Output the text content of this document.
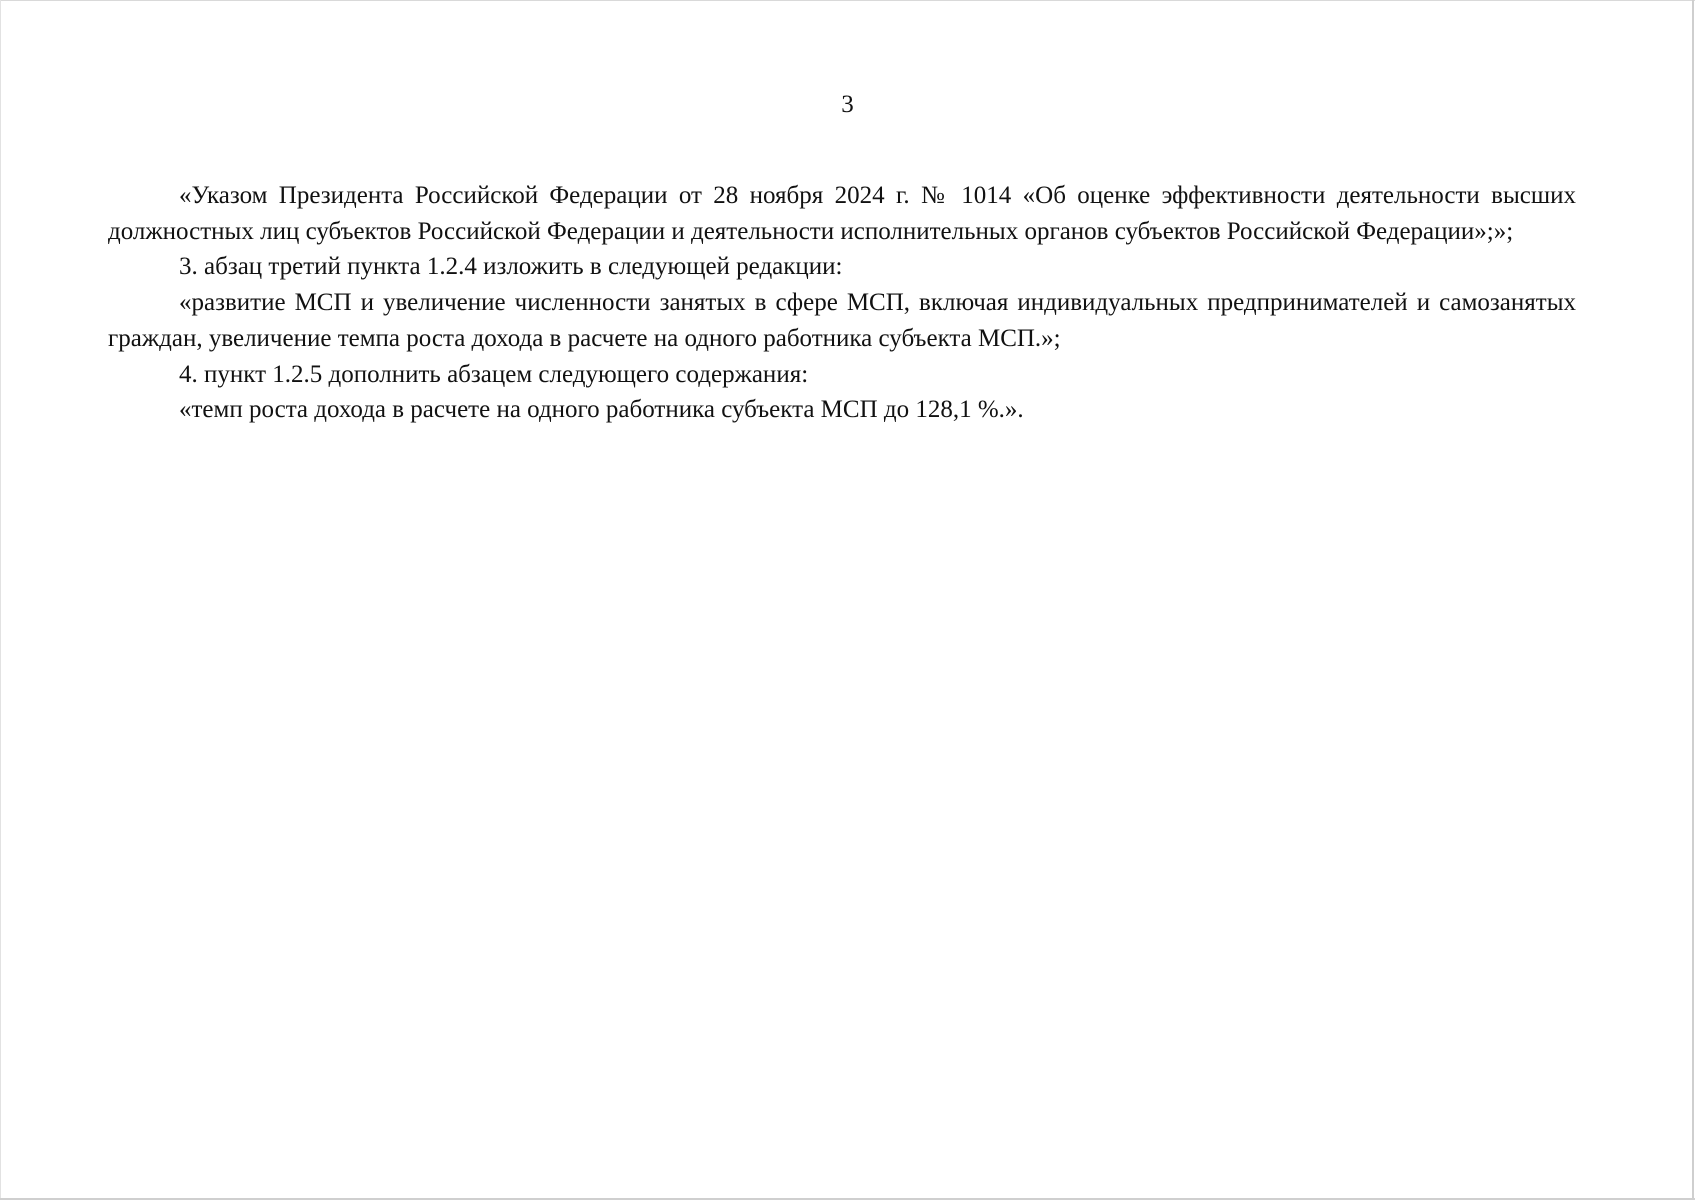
3

«Указом Президента Российской Федерации от 28 ноября 2024 г. № 1014 «Об оценке эффективности деятельности высших должностных лиц субъектов Российской Федерации и деятельности исполнительных органов субъектов Российской Федерации»;»;

3. абзац третий пункта 1.2.4 изложить в следующей редакции:

«развитие МСП и увеличение численности занятых в сфере МСП, включая индивидуальных предпринимателей и самозанятых граждан, увеличение темпа роста дохода в расчете на одного работника субъекта МСП.»;

4. пункт 1.2.5 дополнить абзацем следующего содержания:

«темп роста дохода в расчете на одного работника субъекта МСП до 128,1 %.».
